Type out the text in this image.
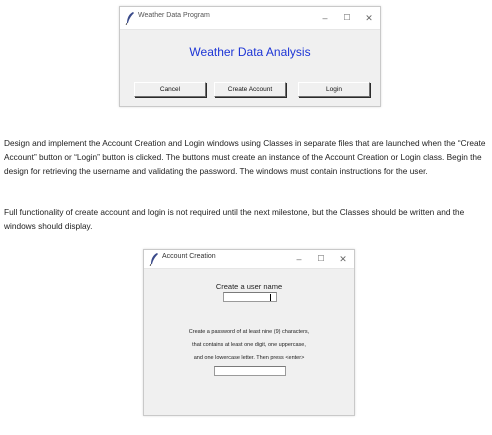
Weather Data Program	–	☐	✕
Weather Data Analysis
Cancel	Create Account	Login
Design and implement the Account Creation and Login windows using Classes in separate files that are launched when the “Create Account” button or “Login” button is clicked. The buttons must create an instance of the Account Creation or Login class. Begin the design for retrieving the username and validating the password. The windows must contain instructions for the user.
Full functionality of create account and login is not required until the next milestone, but the Classes should be written and the windows should display.
Account Creation	–	☐	✕
Create a user name
Create a password of at least nine (9) characters,
that contains at least one digit, one uppercase,
and one lowercase letter. Then press <enter>
